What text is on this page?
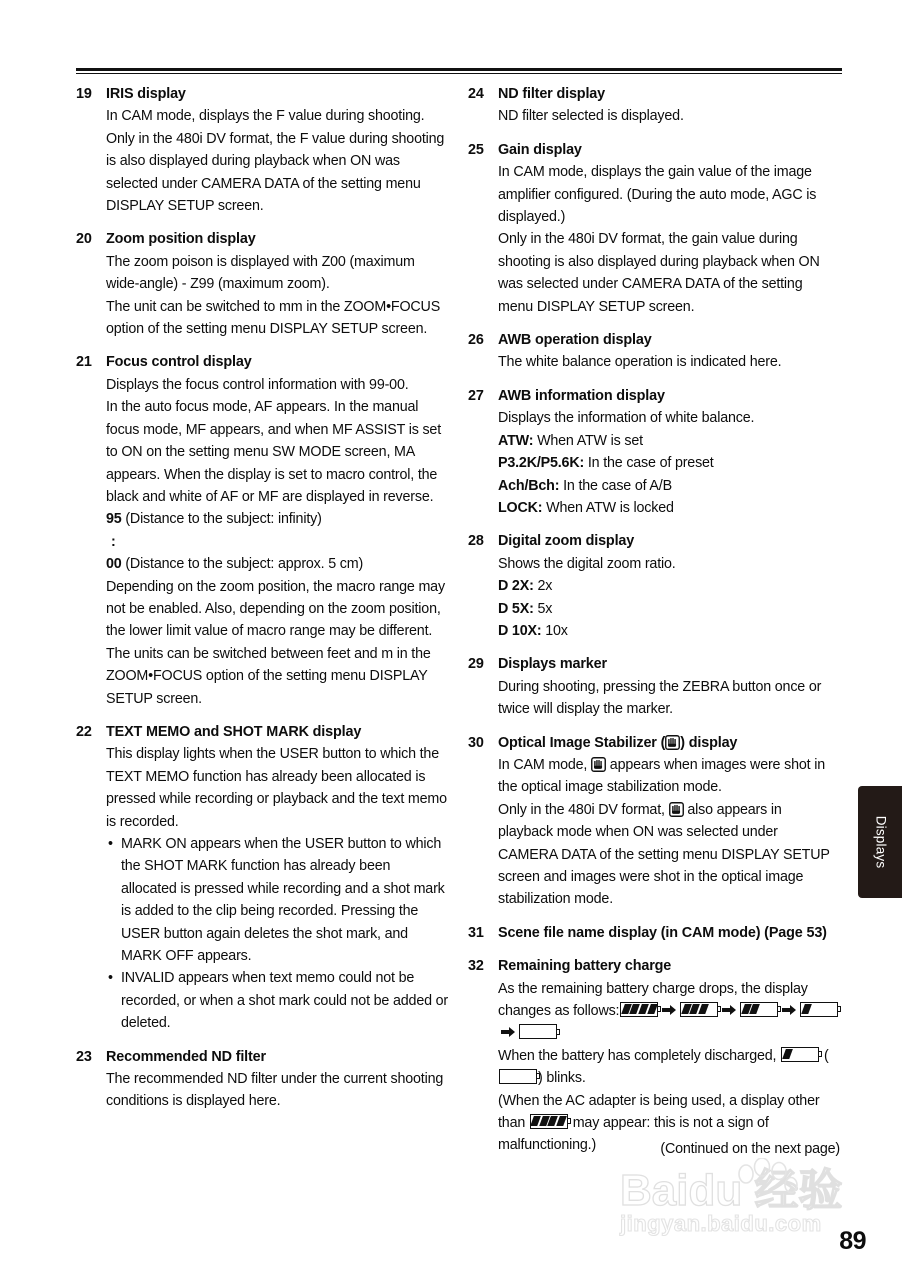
19 IRIS display
In CAM mode, displays the F value during shooting.
Only in the 480i DV format, the F value during shooting is also displayed during playback when ON was selected under CAMERA DATA of the setting menu DISPLAY SETUP screen.
20 Zoom position display
The zoom poison is displayed with Z00 (maximum wide-angle) - Z99 (maximum zoom).
The unit can be switched to mm in the ZOOM•FOCUS option of the setting menu DISPLAY SETUP screen.
21 Focus control display
Displays the focus control information with 99-00.
In the auto focus mode, AF appears. In the manual focus mode, MF appears, and when MF ASSIST is set to ON on the setting menu SW MODE screen, MA appears. When the display is set to macro control, the black and white of AF or MF are displayed in reverse.
95 (Distance to the subject: infinity)
:
00 (Distance to the subject: approx. 5 cm)
Depending on the zoom position, the macro range may not be enabled. Also, depending on the zoom position, the lower limit value of macro range may be different.
The units can be switched between feet and m in the ZOOM•FOCUS option of the setting menu DISPLAY SETUP screen.
22 TEXT MEMO and SHOT MARK display
This display lights when the USER button to which the TEXT MEMO function has already been allocated is pressed while recording or playback and the text memo is recorded.
• MARK ON appears when the USER button to which the SHOT MARK function has already been allocated is pressed while recording and a shot mark is added to the clip being recorded. Pressing the USER button again deletes the shot mark, and MARK OFF appears.
• INVALID appears when text memo could not be recorded, or when a shot mark could not be added or deleted.
23 Recommended ND filter
The recommended ND filter under the current shooting conditions is displayed here.
24 ND filter display
ND filter selected is displayed.
25 Gain display
In CAM mode, displays the gain value of the image amplifier configured. (During the auto mode, AGC is displayed.)
Only in the 480i DV format, the gain value during shooting is also displayed during playback when ON was selected under CAMERA DATA of the setting menu DISPLAY SETUP screen.
26 AWB operation display
The white balance operation is indicated here.
27 AWB information display
Displays the information of white balance.
ATW: When ATW is set
P3.2K/P5.6K: In the case of preset
Ach/Bch: In the case of A/B
LOCK: When ATW is locked
28 Digital zoom display
Shows the digital zoom ratio.
D 2X: 2x
D 5X: 5x
D 10X: 10x
29 Displays marker
During shooting, pressing the ZEBRA button once or twice will display the marker.
30 Optical Image Stabilizer ( ) display
In CAM mode,  appears when images were shot in the optical image stabilization mode.
Only in the 480i DV format,  also appears in playback mode when ON was selected under CAMERA DATA of the setting menu DISPLAY SETUP screen and images were shot in the optical image stabilization mode.
31 Scene file name display (in CAM mode) (Page 53)
32 Remaining battery charge
As the remaining battery charge drops, the display changes as follows:
When the battery has completely discharged,	(
) blinks.
(When the AC adapter is being used, a display other than	may appear: this is not a sign of malfunctioning.)
Displays
(Continued on the next page)
Baidu 经验
jingyan.baidu.com
89
